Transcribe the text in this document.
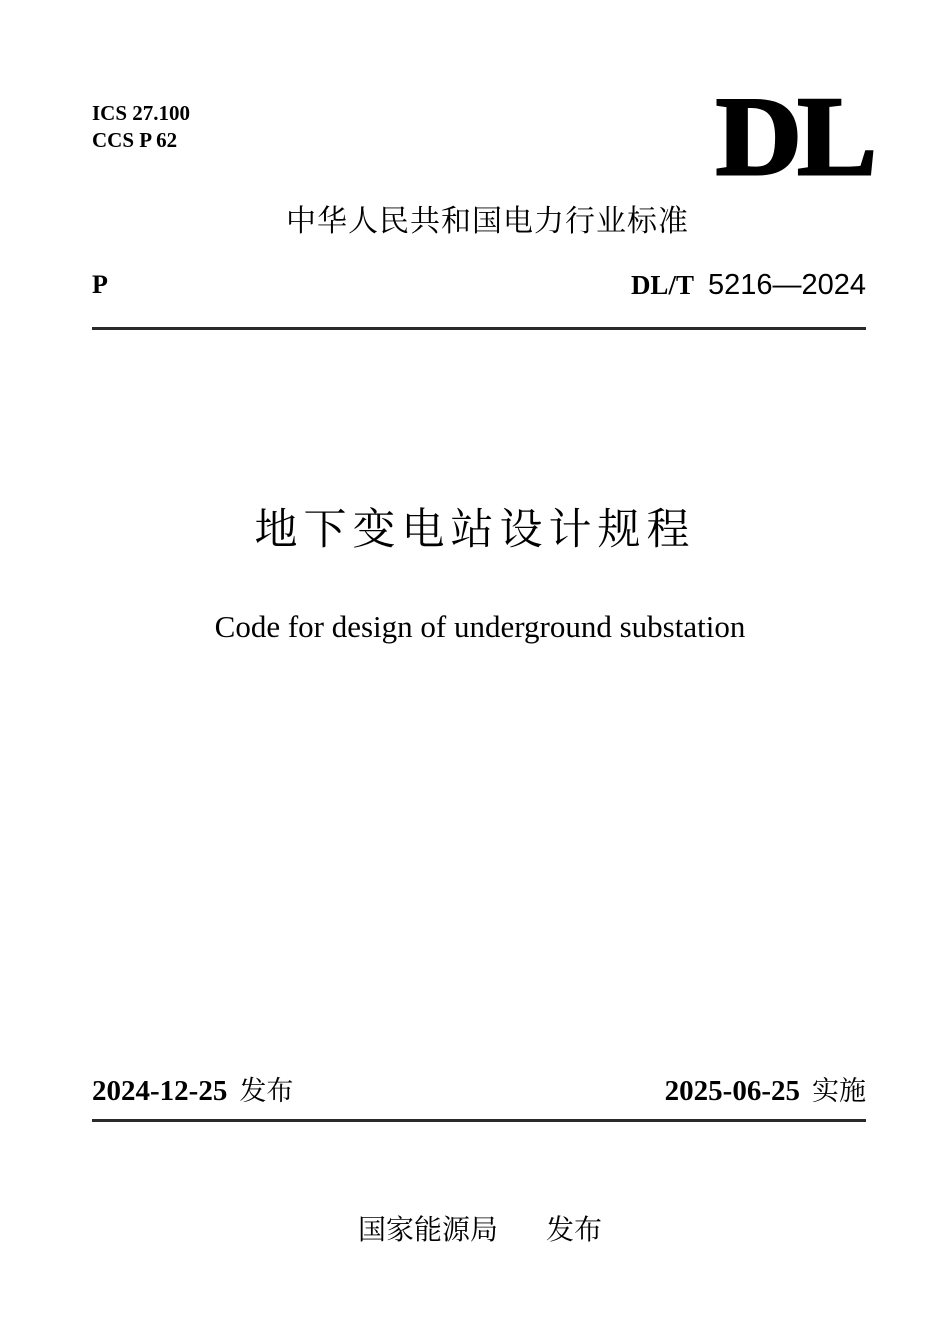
ICS 27.100
CCS P 62	DL
中华人民共和国电力行业标准
P	DL/T 5216—2024
地下变电站设计规程
Code for design of underground substation
2024-12-25 发布	2025-06-25 实施
国家能源局 发布
